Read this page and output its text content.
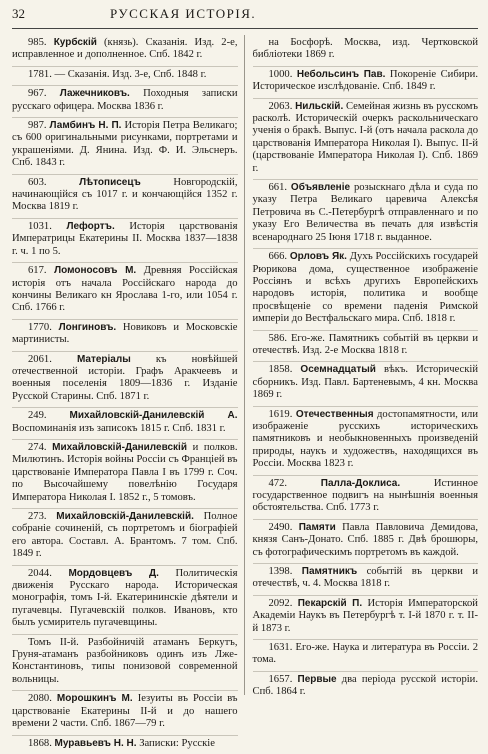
32	РУССКАЯ ИСТОРІЯ.
985. Курбскій (князь). Сказанія. Изд. 2-е, исправленное и дополненное. Спб. 1842 г.
1781. — Сказанія. Изд. 3-е, Спб. 1848 г.
967. Лажечниковъ. Походныя записки русскаго офицера. Москва 1836 г.
987. Ламбинъ Н. П. Исторія Петра Великаго; съ 600 оригинальными рисунками, портретами и украшеніями. Д. Янина. Изд. Ф. И. Эльснеръ. Спб. 1843 г.
603.	Лѣтописецъ	Новгородскій, начинающійся съ 1017 г. и кончающійся 1352 г. Москва 1819 г.
1031. Лефортъ. Исторія царствованія Императрицы Екатерины II. Москва 1837—1838 г. ч. 1 по 5.
617. Ломоносовъ М. Древняя Россійская исторія отъ начала Россійскаго народа до кончины Великаго кн Ярослава 1-го, или 1054 г. Спб. 1766 г.
1770. Лонгиновъ. Новиковъ и Московскіе мартинисты.
2061.	Матеріалы къ новѣйшей отечественной исторіи. Графъ Аракчеевъ и военныя поселенія 1809—1836 г. Изданіе Русской Старины. Спб. 1871 г.
249. Михайловскій-Данилевскій А. Воспоминанія изъ записокъ 1815 г. Спб. 1831 г.
274. Михайловскій-Данилевскій и полков. Милютинъ. Исторія войны Россіи съ Франціей въ царствованіе Императора Павла I въ 1799 г. Соч. по Высочайшему повелѣнію Государя Императора Николая I. 1852 г., 5 томовъ.
273. Михайловскій-Данилевскій. Полное собраніе сочиненій, съ портретомъ и біографіей его автора. Составл. А. Брантомъ. 7 том. Спб. 1849 г.
2044. Мордовцевъ Д. Политическія движенія Русскаго народа. Историческая монографія, томъ I-й. Екатерининскіе дѣятели и пугачевцы. Пугачевскій полков. Ивановъ, кто былъ усмиритель пугачевщины.
Томъ II-й. Разбойничій атаманъ Беркутъ, Груня-атаманъ разбойниковъ одинъ изъ Лже-Константиновъ, типы понизовой современной вольницы.
2080. Морошкинъ М. Іезуиты въ Россіи въ царствованіе Екатерины II-й и до нашего времени 2 части. Спб. 1867—79 г.
1868. Муравьевъ Н. Н. Записки: Русскіе
на Босфорѣ. Москва, изд. Чертковской библіотеки 1869 г.
1000. Небольсинъ Пав. Покореніе Сибири. Историческое изслѣдованіе. Спб. 1849 г.
2063. Нильскій. Семейная жизнь въ русскомъ расколѣ. Историческій очеркъ раскольническаго ученія о бракѣ. Выпус. I-й (отъ начала раскола до царствованія Императора Николая I). Выпус. II-й (царствованіе Императора Николая I). Спб. 1869 г.
661. Объявленіе розыскнаго дѣла и суда по указу Петра Великаго царевича Алексѣя Петровича въ С.-Петербургѣ отправленнаго и по указу Его Величества въ печать для извѣстія всенароднаго 25 Іюня 1718 г. выданное.
666. Орловъ Як. Духъ Россійскихъ государей Рюрикова дома, существенное изображеніе Россіянъ и всѣхъ другихъ Европейскихъ народовъ исторія, политика и вообще просвѣщеніе со времени паденія Римской имперіи до Вестфальскаго мира. Спб. 1818 г.
586. Его-же. Памятникъ событій въ церкви и отечествѣ. Изд. 2-е Москва 1818 г.
1858. Осемнадцатый вѣкъ. Историческій сборникъ. Изд. Павл. Бартеневымъ, 4 кн. Москва 1869 г.
1619. Отечественныя достопамятности, или изображеніе русскихъ историческихъ памятниковъ и необыкновенныхъ произведеній природы, наукъ и художествъ, находящихся въ Россіи. Москва 1823 г.
472.	Палла-Доклиса.	Истинное государственное подвигъ на нынѣшнія военныя обстоятельства. Спб. 1773 г.
2490. Памяти Павла Павловича Демидова, князя Санъ-Донато. Спб. 1885 г. Двѣ брошюры, съ фотографическимъ портретомъ въ каждой.
1398. Памятникъ событій въ церкви и отечествѣ, ч. 4. Москва 1818 г.
2092. Пекарскій П. Исторія Императорской Академіи Наукъ въ Петербургѣ т. I-й 1870 г. т. II-й 1873 г.
1631. Его-же. Наука и литература въ Россіи. 2 тома.
1657. Первые два періода русской исторіи. Спб. 1864 г.
